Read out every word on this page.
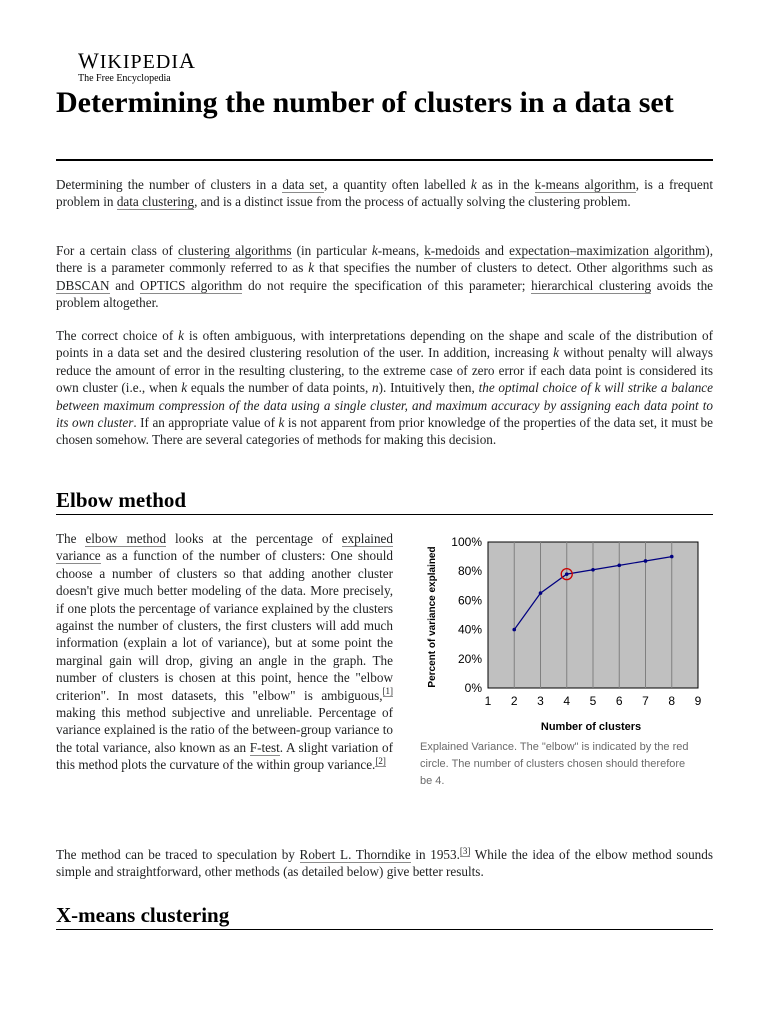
WIKIPEDIA
The Free Encyclopedia
Determining the number of clusters in a data set

Determining the number of clusters in a data set, a quantity often labelled k as in the k-means algorithm, is a frequent problem in data clustering, and is a distinct issue from the process of actually solving the clustering problem.

For a certain class of clustering algorithms (in particular k-means, k-medoids and expectation–maximization algorithm), there is a parameter commonly referred to as k that specifies the number of clusters to detect. Other algorithms such as DBSCAN and OPTICS algorithm do not require the specification of this parameter; hierarchical clustering avoids the problem altogether.

The correct choice of k is often ambiguous, with interpretations depending on the shape and scale of the distribution of points in a data set and the desired clustering resolution of the user. In addition, increasing k without penalty will always reduce the amount of error in the resulting clustering, to the extreme case of zero error if each data point is considered its own cluster (i.e., when k equals the number of data points, n). Intuitively then, the optimal choice of k will strike a balance between maximum compression of the data using a single cluster, and maximum accuracy by assigning each data point to its own cluster. If an appropriate value of k is not apparent from prior knowledge of the properties of the data set, it must be chosen somehow. There are several categories of methods for making this decision.

Elbow method

The elbow method looks at the percentage of explained variance as a function of the number of clusters: One should choose a number of clusters so that adding another cluster doesn't give much better modeling of the data. More precisely, if one plots the percentage of variance explained by the clusters against the number of clusters, the first clusters will add much information (explain a lot of variance), but at some point the marginal gain will drop, giving an angle in the graph. The number of clusters is chosen at this point, hence the "elbow criterion". In most datasets, this "elbow" is ambiguous,[1] making this method subjective and unreliable. Percentage of variance explained is the ratio of the between-group variance to the total variance, also known as an F-test. A slight variation of this method plots the curvature of the within group variance.[2]

1 2 3 4 5 6 7 8 9
0%
20%
40%
60%
80%
100%
Number of clusters
Percent of variance explained

Explained Variance. The "elbow" is indicated by the red circle. The number of clusters chosen should therefore be 4.

The method can be traced to speculation by Robert L. Thorndike in 1953.[3] While the idea of the elbow method sounds simple and straightforward, other methods (as detailed below) give better results.

X-means clustering
